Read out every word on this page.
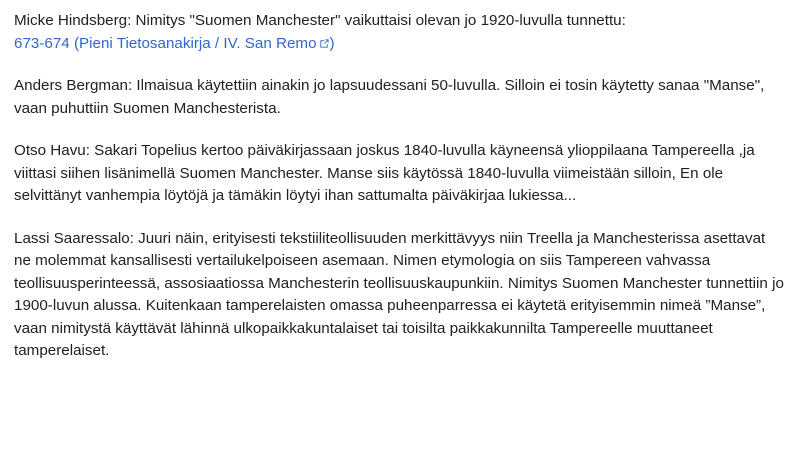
Micke Hindsberg: Nimitys "Suomen Manchester" vaikuttaisi olevan jo 1920-luvulla tunnettu:
673-674 (Pieni Tietosanakirja / IV. San Remo )

Anders Bergman: Ilmaisua käytettiin ainakin jo lapsuudessani 50-luvulla. Silloin ei tosin käytetty sanaa "Manse", vaan puhuttiin Suomen Manchesterista.

Otso Havu: Sakari Topelius kertoo päiväkirjassaan joskus 1840-luvulla käyneensä ylioppilaana Tampereella ,ja viittasi siihen lisänimellä Suomen Manchester. Manse siis käytössä 1840-luvulla viimeistään silloin, En ole selvittänyt vanhempia löytöjä ja tämäkin löytyi ihan sattumalta päiväkirjaa lukiessa...

Lassi Saaressalo: Juuri näin, erityisesti tekstiiliteollisuuden merkittävyys niin Treella ja Manchesterissa asettavat ne molemmat kansallisesti vertailukelpoiseen asemaan. Nimen etymologia on siis Tampereen vahvassa teollisuusperinteessä, assosiaatiossa Manchesterin teollisuuskaupunkiin. Nimitys Suomen Manchester tunnettiin jo 1900-luvun alussa. Kuitenkaan tamperelaisten omassa puheenparressa ei käytetä erityisemmin nimeä ”Manse”, vaan nimitystä käyttävät lähinnä ulkopaikkakuntalaiset tai toisilta paikkakunnilta Tampereelle muuttaneet tamperelaiset.
